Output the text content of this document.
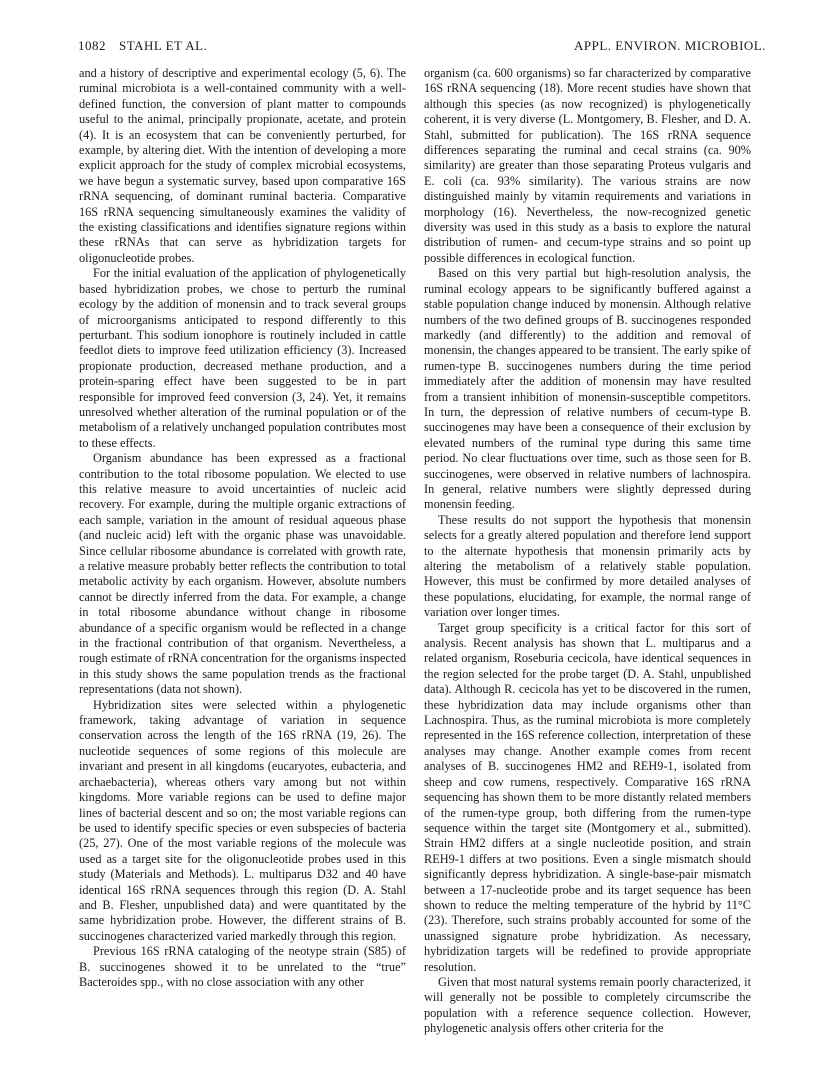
1082 STAHL ET AL.	APPL. ENVIRON. MICROBIOL.

and a history of descriptive and experimental ecology (5, 6). The ruminal microbiota is a well-contained community with a well-defined function, the conversion of plant matter to compounds useful to the animal, principally propionate, acetate, and protein (4). It is an ecosystem that can be conveniently perturbed, for example, by altering diet. With the intention of developing a more explicit approach for the study of complex microbial ecosystems, we have begun a systematic survey, based upon comparative 16S rRNA sequencing, of dominant ruminal bacteria. Comparative 16S rRNA sequencing simultaneously examines the validity of the existing classifications and identifies signature regions within these rRNAs that can serve as hybridization targets for oligonucleotide probes.

For the initial evaluation of the application of phylogenetically based hybridization probes, we chose to perturb the ruminal ecology by the addition of monensin and to track several groups of microorganisms anticipated to respond differently to this perturbant. This sodium ionophore is routinely included in cattle feedlot diets to improve feed utilization efficiency (3). Increased propionate production, decreased methane production, and a protein-sparing effect have been suggested to be in part responsible for improved feed conversion (3, 24). Yet, it remains unresolved whether alteration of the ruminal population or of the metabolism of a relatively unchanged population contributes most to these effects.

Organism abundance has been expressed as a fractional contribution to the total ribosome population. We elected to use this relative measure to avoid uncertainties of nucleic acid recovery. For example, during the multiple organic extractions of each sample, variation in the amount of residual aqueous phase (and nucleic acid) left with the organic phase was unavoidable. Since cellular ribosome abundance is correlated with growth rate, a relative measure probably better reflects the contribution to total metabolic activity by each organism. However, absolute numbers cannot be directly inferred from the data. For example, a change in total ribosome abundance without change in ribosome abundance of a specific organism would be reflected in a change in the fractional contribution of that organism. Nevertheless, a rough estimate of rRNA concentration for the organisms inspected in this study shows the same population trends as the fractional representations (data not shown).

Hybridization sites were selected within a phylogenetic framework, taking advantage of variation in sequence conservation across the length of the 16S rRNA (19, 26). The nucleotide sequences of some regions of this molecule are invariant and present in all kingdoms (eucaryotes, eubacteria, and archaebacteria), whereas others vary among but not within kingdoms. More variable regions can be used to define major lines of bacterial descent and so on; the most variable regions can be used to identify specific species or even subspecies of bacteria (25, 27). One of the most variable regions of the molecule was used as a target site for the oligonucleotide probes used in this study (Materials and Methods). L. multiparus D32 and 40 have identical 16S rRNA sequences through this region (D. A. Stahl and B. Flesher, unpublished data) and were quantitated by the same hybridization probe. However, the different strains of B. succinogenes characterized varied markedly through this region.

Previous 16S rRNA cataloging of the neotype strain (S85) of B. succinogenes showed it to be unrelated to the “true” Bacteroides spp., with no close association with any other

organism (ca. 600 organisms) so far characterized by comparative 16S rRNA sequencing (18). More recent studies have shown that although this species (as now recognized) is phylogenetically coherent, it is very diverse (L. Montgomery, B. Flesher, and D. A. Stahl, submitted for publication). The 16S rRNA sequence differences separating the ruminal and cecal strains (ca. 90% similarity) are greater than those separating Proteus vulgaris and E. coli (ca. 93% similarity). The various strains are now distinguished mainly by vitamin requirements and variations in morphology (16). Nevertheless, the now-recognized genetic diversity was used in this study as a basis to explore the natural distribution of rumen- and cecum-type strains and so point up possible differences in ecological function.

Based on this very partial but high-resolution analysis, the ruminal ecology appears to be significantly buffered against a stable population change induced by monensin. Although relative numbers of the two defined groups of B. succinogenes responded markedly (and differently) to the addition and removal of monensin, the changes appeared to be transient. The early spike of rumen-type B. succinogenes numbers during the time period immediately after the addition of monensin may have resulted from a transient inhibition of monensin-susceptible competitors. In turn, the depression of relative numbers of cecum-type B. succinogenes may have been a consequence of their exclusion by elevated numbers of the ruminal type during this same time period. No clear fluctuations over time, such as those seen for B. succinogenes, were observed in relative numbers of lachnospira. In general, relative numbers were slightly depressed during monensin feeding.

These results do not support the hypothesis that monensin selects for a greatly altered population and therefore lend support to the alternate hypothesis that monensin primarily acts by altering the metabolism of a relatively stable population. However, this must be confirmed by more detailed analyses of these populations, elucidating, for example, the normal range of variation over longer times.

Target group specificity is a critical factor for this sort of analysis. Recent analysis has shown that L. multiparus and a related organism, Roseburia cecicola, have identical sequences in the region selected for the probe target (D. A. Stahl, unpublished data). Although R. cecicola has yet to be discovered in the rumen, these hybridization data may include organisms other than Lachnospira. Thus, as the ruminal microbiota is more completely represented in the 16S reference collection, interpretation of these analyses may change. Another example comes from recent analyses of B. succinogenes HM2 and REH9-1, isolated from sheep and cow rumens, respectively. Comparative 16S rRNA sequencing has shown them to be more distantly related members of the rumen-type group, both differing from the rumen-type sequence within the target site (Montgomery et al., submitted). Strain HM2 differs at a single nucleotide position, and strain REH9-1 differs at two positions. Even a single mismatch should significantly depress hybridization. A single-base-pair mismatch between a 17-nucleotide probe and its target sequence has been shown to reduce the melting temperature of the hybrid by 11°C (23). Therefore, such strains probably accounted for some of the unassigned signature probe hybridization. As necessary, hybridization targets will be redefined to provide appropriate resolution.

Given that most natural systems remain poorly characterized, it will generally not be possible to completely circumscribe the population with a reference sequence collection. However, phylogenetic analysis offers other criteria for the
